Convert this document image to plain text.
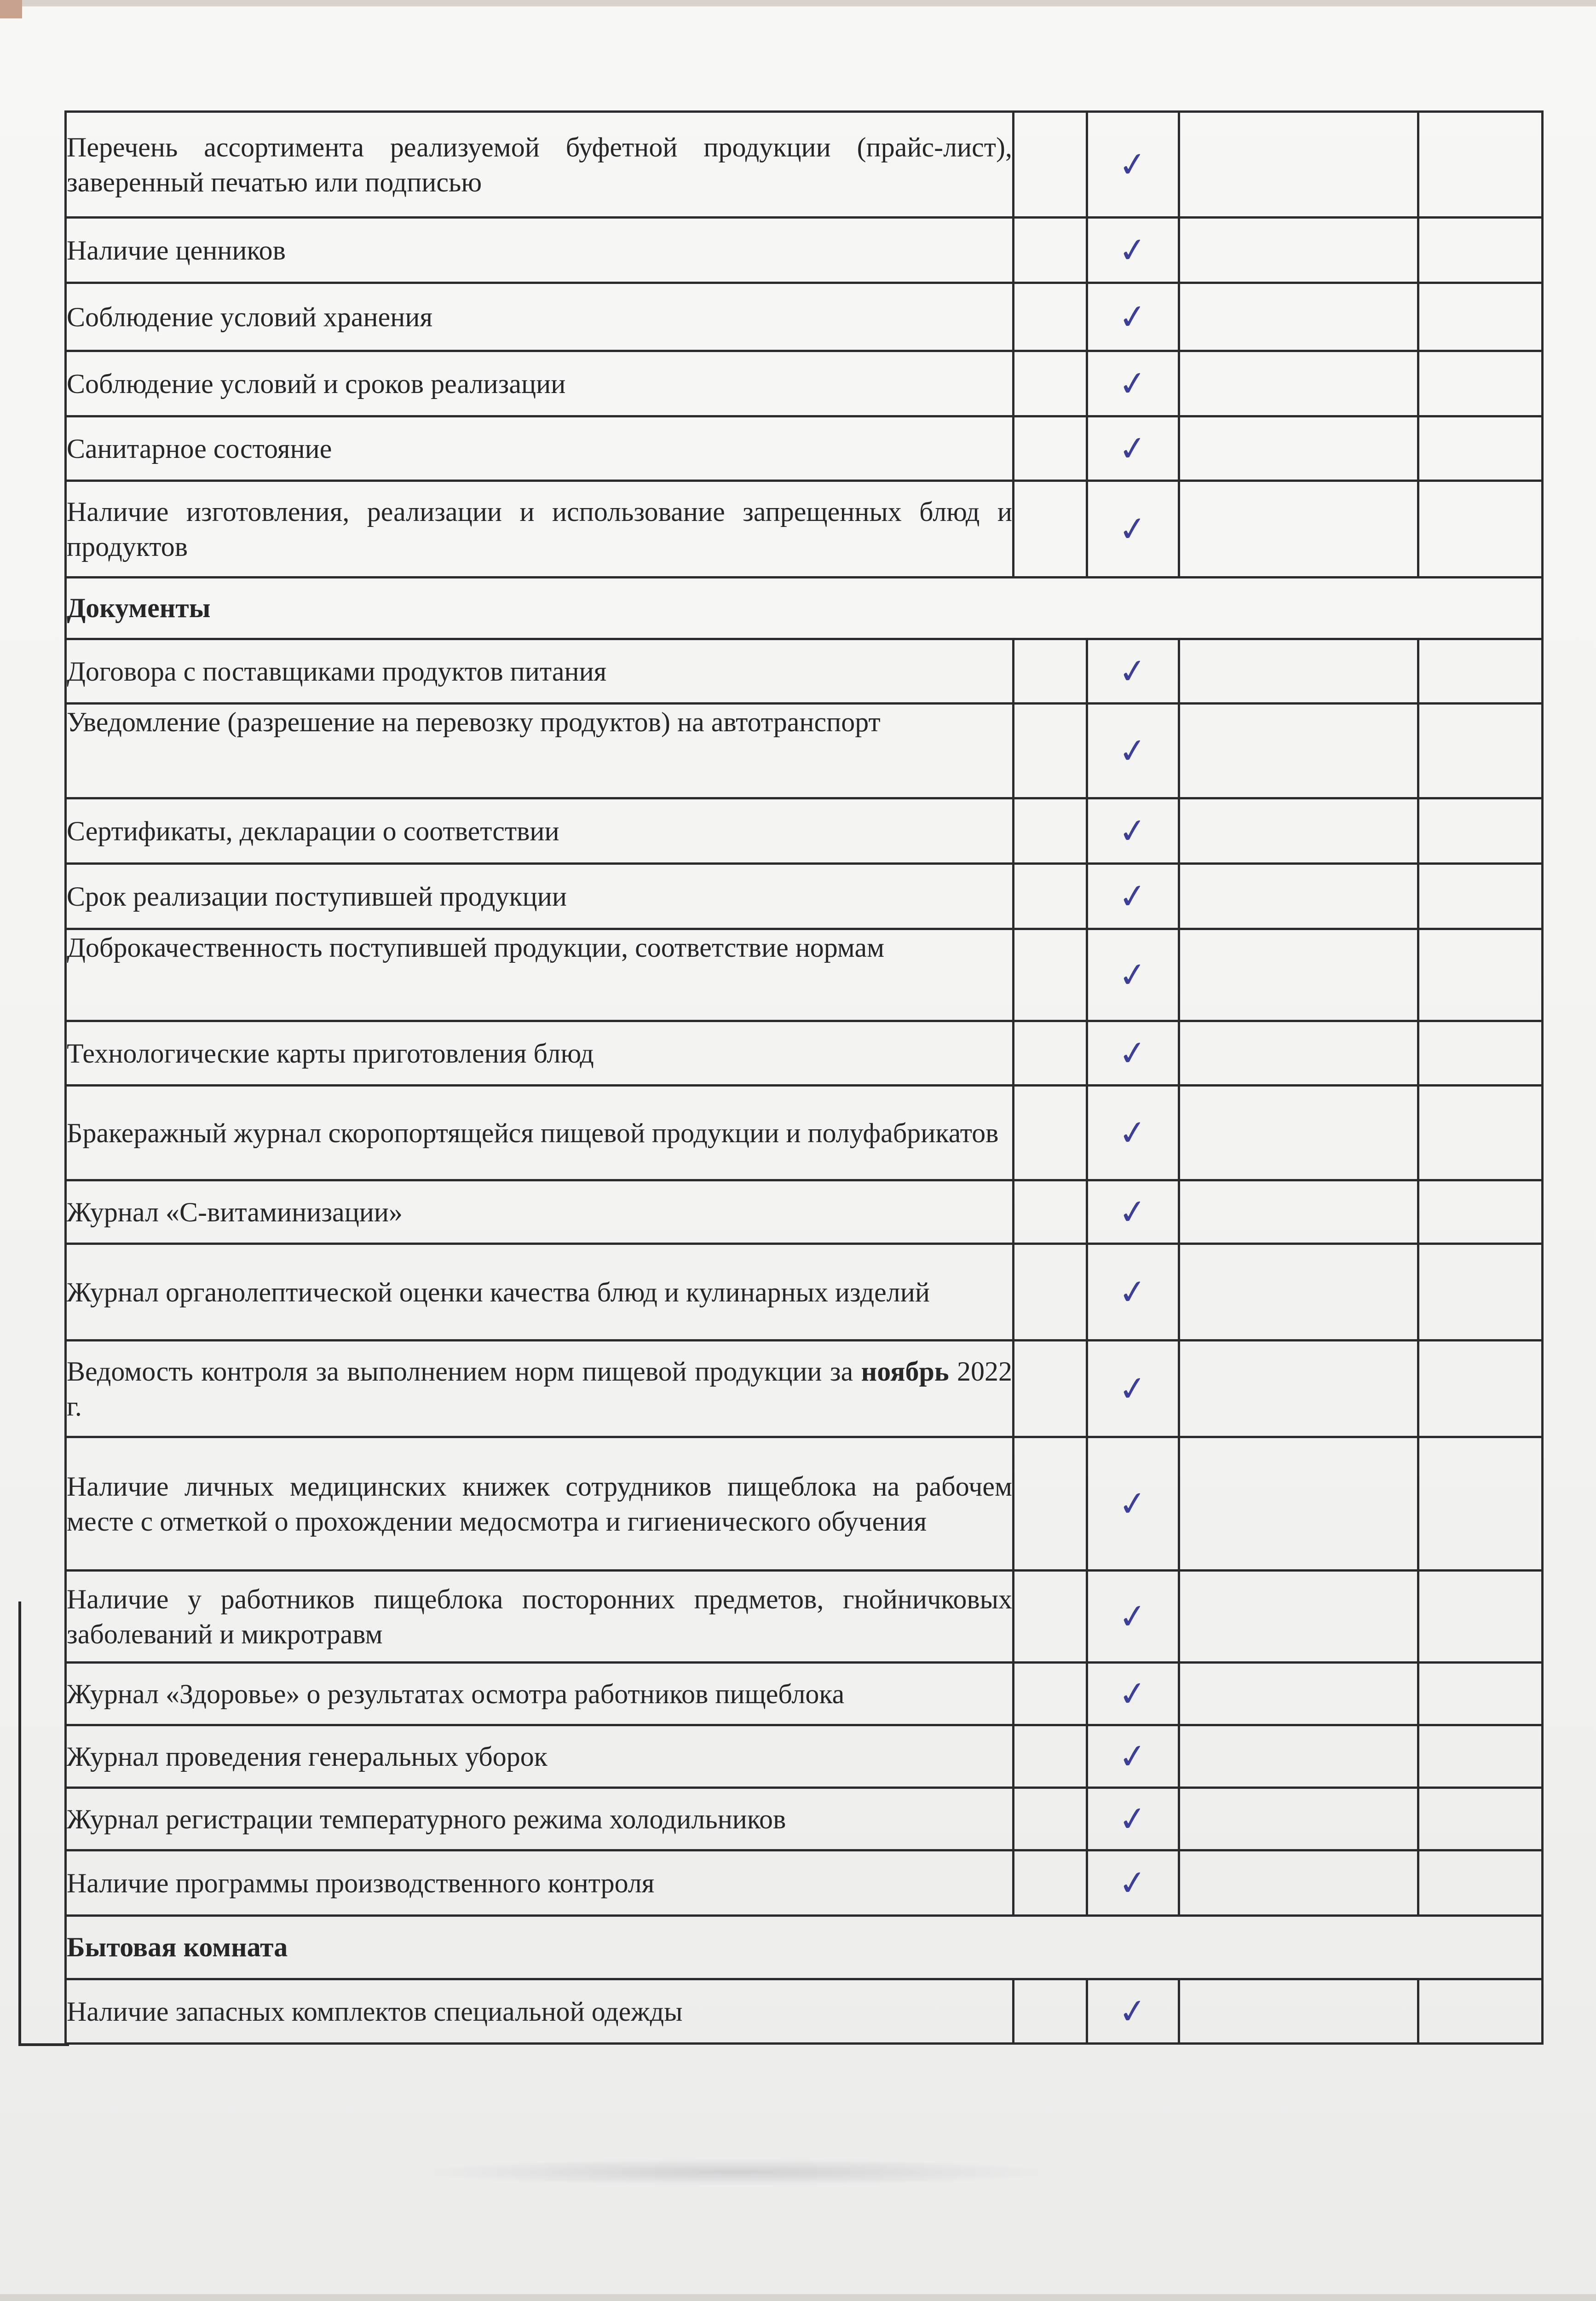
Перечень ассортимента реализуемой буфетной продукции (прайс-лист), заверенный печатью или подписью		✓		
Наличие ценников		✓		
Соблюдение условий хранения		✓		
Соблюдение условий и сроков реализации		✓		
Санитарное состояние		✓		
Наличие изготовления, реализации и использование запрещенных блюд и продуктов		✓		
Документы				
Договора с поставщиками продуктов питания		✓		
Уведомление (разрешение на перевозку продуктов) на автотранспорт		✓		
Сертификаты, декларации о соответствии		✓		
Срок реализации поступившей продукции		✓		
Доброкачественность поступившей продукции, соответствие нормам		✓		
Технологические карты приготовления блюд		✓		
Бракеражный журнал скоропортящейся пищевой продукции и полуфабрикатов		✓		
Журнал «С-витаминизации»		✓		
Журнал органолептической оценки качества блюд и кулинарных изделий		✓		
Ведомость контроля за выполнением норм пищевой продукции за ноябрь 2022 г.		✓		
Наличие личных медицинских книжек сотрудников пищеблока на рабочем месте с отметкой о прохождении медосмотра и гигиенического обучения		✓		
Наличие у работников пищеблока посторонних предметов, гнойничковых заболеваний и микротравм		✓		
Журнал «Здоровье» о результатах осмотра работников пищеблока		✓		
Журнал проведения генеральных уборок		✓		
Журнал регистрации температурного режима холодильников		✓		
Наличие программы производственного контроля		✓		
Бытовая комната				
Наличие запасных комплектов специальной одежды		✓		
